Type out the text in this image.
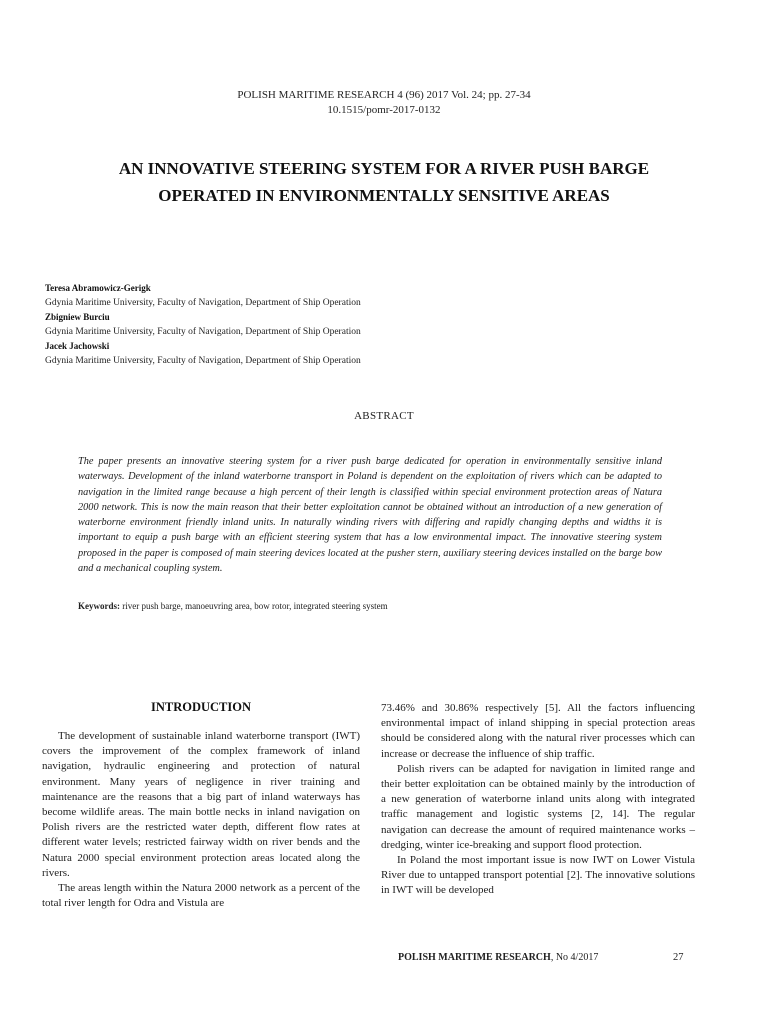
POLISH MARITIME RESEARCH 4 (96) 2017 Vol. 24; pp. 27-34
10.1515/pomr-2017-0132
AN INNOVATIVE STEERING SYSTEM FOR A RIVER PUSH BARGE
OPERATED IN ENVIRONMENTALLY SENSITIVE AREAS
Teresa Abramowicz-Gerigk
Gdynia Maritime University, Faculty of Navigation, Department of Ship Operation
Zbigniew Burciu
Gdynia Maritime University, Faculty of Navigation, Department of Ship Operation
Jacek Jachowski
Gdynia Maritime University, Faculty of Navigation, Department of Ship Operation
ABSTRACT

The paper presents an innovative steering system for a river push barge dedicated for operation in environmentally sensitive inland waterways. Development of the inland waterborne transport in Poland is dependent on the exploitation of rivers which can be adapted to navigation in the limited range because a high percent of their length is classified within special environment protection areas of Natura 2000 network. This is now the main reason that their better exploitation cannot be obtained without an introduction of a new generation of waterborne environment friendly inland units. In naturally winding rivers with differing and rapidly changing depths and widths it is important to equip a push barge with an efficient steering system that has a low environmental impact. The innovative steering system proposed in the paper is composed of main steering devices located at the pusher stern, auxiliary steering devices installed on the barge bow and a mechanical coupling system.

Keywords: river push barge, manoeuvring area, bow rotor, integrated steering system
INTRODUCTION

The development of sustainable inland waterborne transport (IWT) covers the improvement of the complex framework of inland navigation, hydraulic engineering and protection of natural environment. Many years of negligence in river training and maintenance are the reasons that a big part of inland waterways has become wildlife areas. The main bottle necks in inland navigation on Polish rivers are the restricted water depth, different flow rates at different water levels; restricted fairway width on river bends and the Natura 2000 special environment protection areas located along the rivers.

The areas length within the Natura 2000 network as a percent of the total river length for Odra and Vistula are

73.46% and 30.86% respectively [5]. All the factors influencing environmental impact of inland shipping in special protection areas should be considered along with the natural river processes which can increase or decrease the influence of ship traffic.

Polish rivers can be adapted for navigation in limited range and their better exploitation can be obtained mainly by the introduction of a new generation of waterborne inland units along with integrated traffic management and logistic systems [2, 14]. The regular navigation can decrease the amount of required maintenance works – dredging, winter ice-breaking and support flood protection.

In Poland the most important issue is now IWT on Lower Vistula River due to untapped transport potential [2]. The innovative solutions in IWT will be developed

POLISH MARITIME RESEARCH, No 4/2017	27
